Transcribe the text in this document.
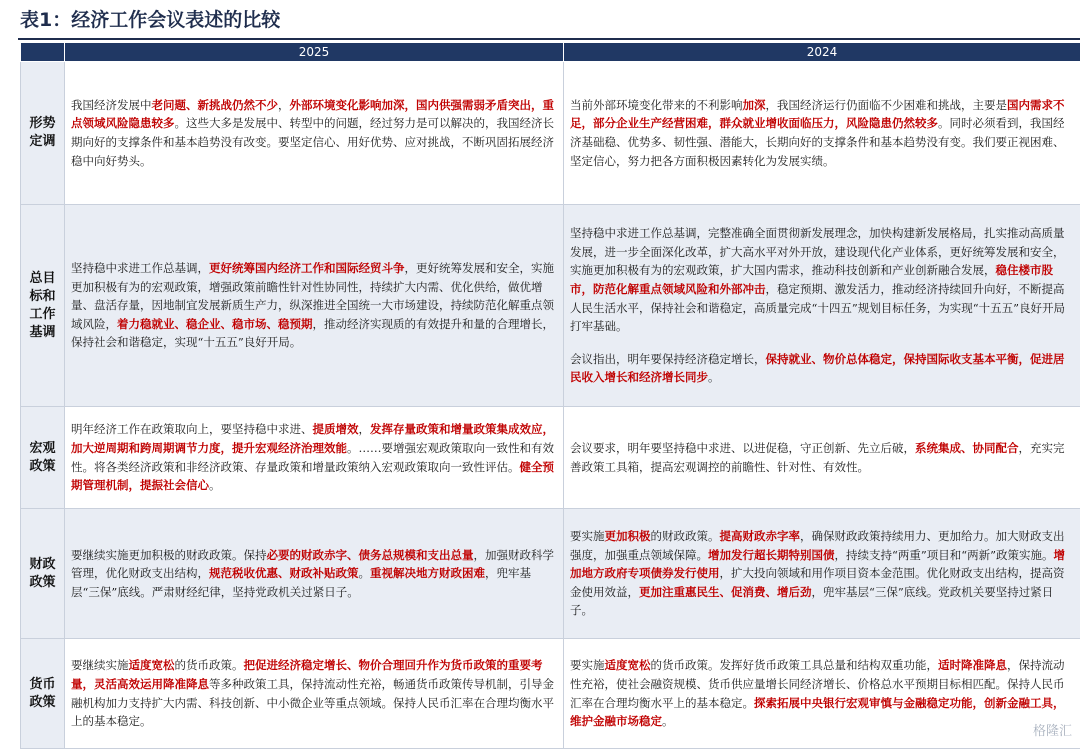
表1：经济工作会议表述的比较
	2025	2024
形势定调	我国经济发展中老问题、新挑战仍然不少，外部环境变化影响加深，国内供强需弱矛盾突出，重点领域风险隐患较多。这些大多是发展中、转型中的问题，经过努力是可以解决的，我国经济长期向好的支撑条件和基本趋势没有改变。要坚定信心、用好优势、应对挑战，不断巩固拓展经济稳中向好势头。	当前外部环境变化带来的不利影响加深，我国经济运行仍面临不少困难和挑战，主要是国内需求不足，部分企业生产经营困难，群众就业增收面临压力，风险隐患仍然较多。同时必须看到，我国经济基础稳、优势多、韧性强、潜能大，长期向好的支撑条件和基本趋势没有变。我们要正视困难、坚定信心，努力把各方面积极因素转化为发展实绩。

总目标和工作基调	坚持稳中求进工作总基调，更好统筹国内经济工作和国际经贸斗争，更好统筹发展和安全，实施更加积极有为的宏观政策，增强政策前瞻性针对性协同性，持续扩大内需、优化供给，做优增量、盘活存量，因地制宜发展新质生产力，纵深推进全国统一大市场建设，持续防范化解重点领域风险，着力稳就业、稳企业、稳市场、稳预期，推动经济实现质的有效提升和量的合理增长，保持社会和谐稳定，实现“十五五”良好开局。	坚持稳中求进工作总基调，完整准确全面贯彻新发展理念，加快构建新发展格局，扎实推动高质量发展，进一步全面深化改革，扩大高水平对外开放，建设现代化产业体系，更好统筹发展和安全，实施更加积极有为的宏观政策，扩大国内需求，推动科技创新和产业创新融合发展，稳住楼市股市，防范化解重点领域风险和外部冲击，稳定预期、激发活力，推动经济持续回升向好，不断提高人民生活水平，保持社会和谐稳定，高质量完成“十四五”规划目标任务，为实现“十五五”良好开局打牢基础。
会议指出，明年要保持经济稳定增长，保持就业、物价总体稳定，保持国际收支基本平衡，促进居民收入增长和经济增长同步。

宏观政策	明年经济工作在政策取向上，要坚持稳中求进、提质增效，发挥存量政策和增量政策集成效应，加大逆周期和跨周期调节力度，提升宏观经济治理效能。……要增强宏观政策取向一致性和有效性。将各类经济政策和非经济政策、存量政策和增量政策纳入宏观政策取向一致性评估。健全预期管理机制，提振社会信心。	会议要求，明年要坚持稳中求进、以进促稳，守正创新、先立后破，系统集成、协同配合，充实完善政策工具箱，提高宏观调控的前瞻性、针对性、有效性。

财政政策	要继续实施更加积极的财政政策。保持必要的财政赤字、债务总规模和支出总量，加强财政科学管理，优化财政支出结构，规范税收优惠、财政补贴政策。重视解决地方财政困难，兜牢基层“三保”底线。严肃财经纪律，坚持党政机关过紧日子。	要实施更加积极的财政政策。提高财政赤字率，确保财政政策持续用力、更加给力。加大财政支出强度，加强重点领域保障。增加发行超长期特别国债，持续支持“两重”项目和“两新”政策实施。增加地方政府专项债券发行使用，扩大投向领域和用作项目资本金范围。优化财政支出结构，提高资金使用效益，更加注重惠民生、促消费、增后劲，兜牢基层“三保”底线。党政机关要坚持过紧日子。

货币政策	要继续实施适度宽松的货币政策。把促进经济稳定增长、物价合理回升作为货币政策的重要考量，灵活高效运用降准降息等多种政策工具，保持流动性充裕，畅通货币政策传导机制，引导金融机构加力支持扩大内需、科技创新、中小微企业等重点领域。保持人民币汇率在合理均衡水平上的基本稳定。	要实施适度宽松的货币政策。发挥好货币政策工具总量和结构双重功能，适时降准降息，保持流动性充裕，使社会融资规模、货币供应量增长同经济增长、价格总水平预期目标相匹配。保持人民币汇率在合理均衡水平上的基本稳定。探索拓展中央银行宏观审慎与金融稳定功能，创新金融工具，维护金融市场稳定。
格隆汇
